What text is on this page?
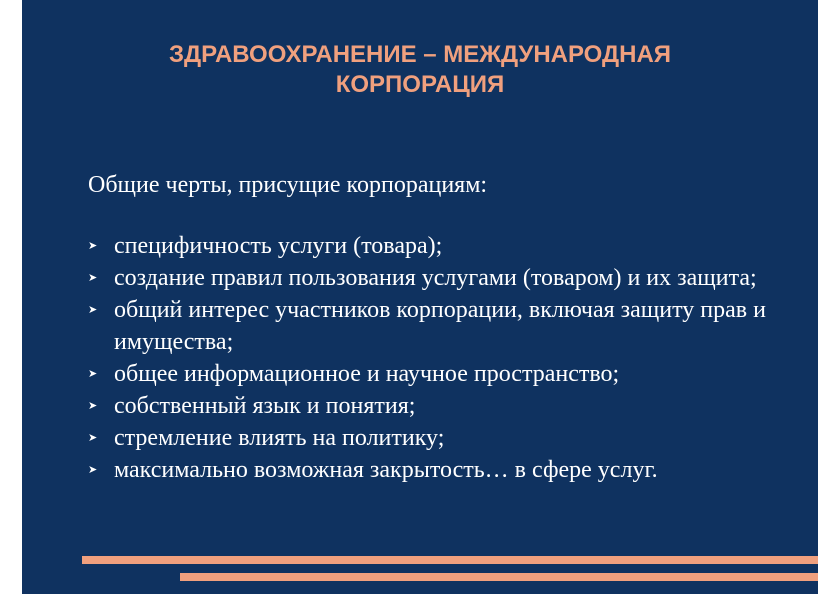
ЗДРАВООХРАНЕНИЕ – МЕЖДУНАРОДНАЯ
КОРПОРАЦИЯ
Общие черты, присущие корпорациям:
➤ специфичность услуги (товара);
➤ создание правил пользования услугами (товаром) и их защита;
➤ общий интерес участников корпорации, включая защиту прав и имущества;
➤ общее информационное и научное пространство;
➤ собственный язык и понятия;
➤ стремление влиять на политику;
➤ максимально возможная закрытость… в сфере услуг.
